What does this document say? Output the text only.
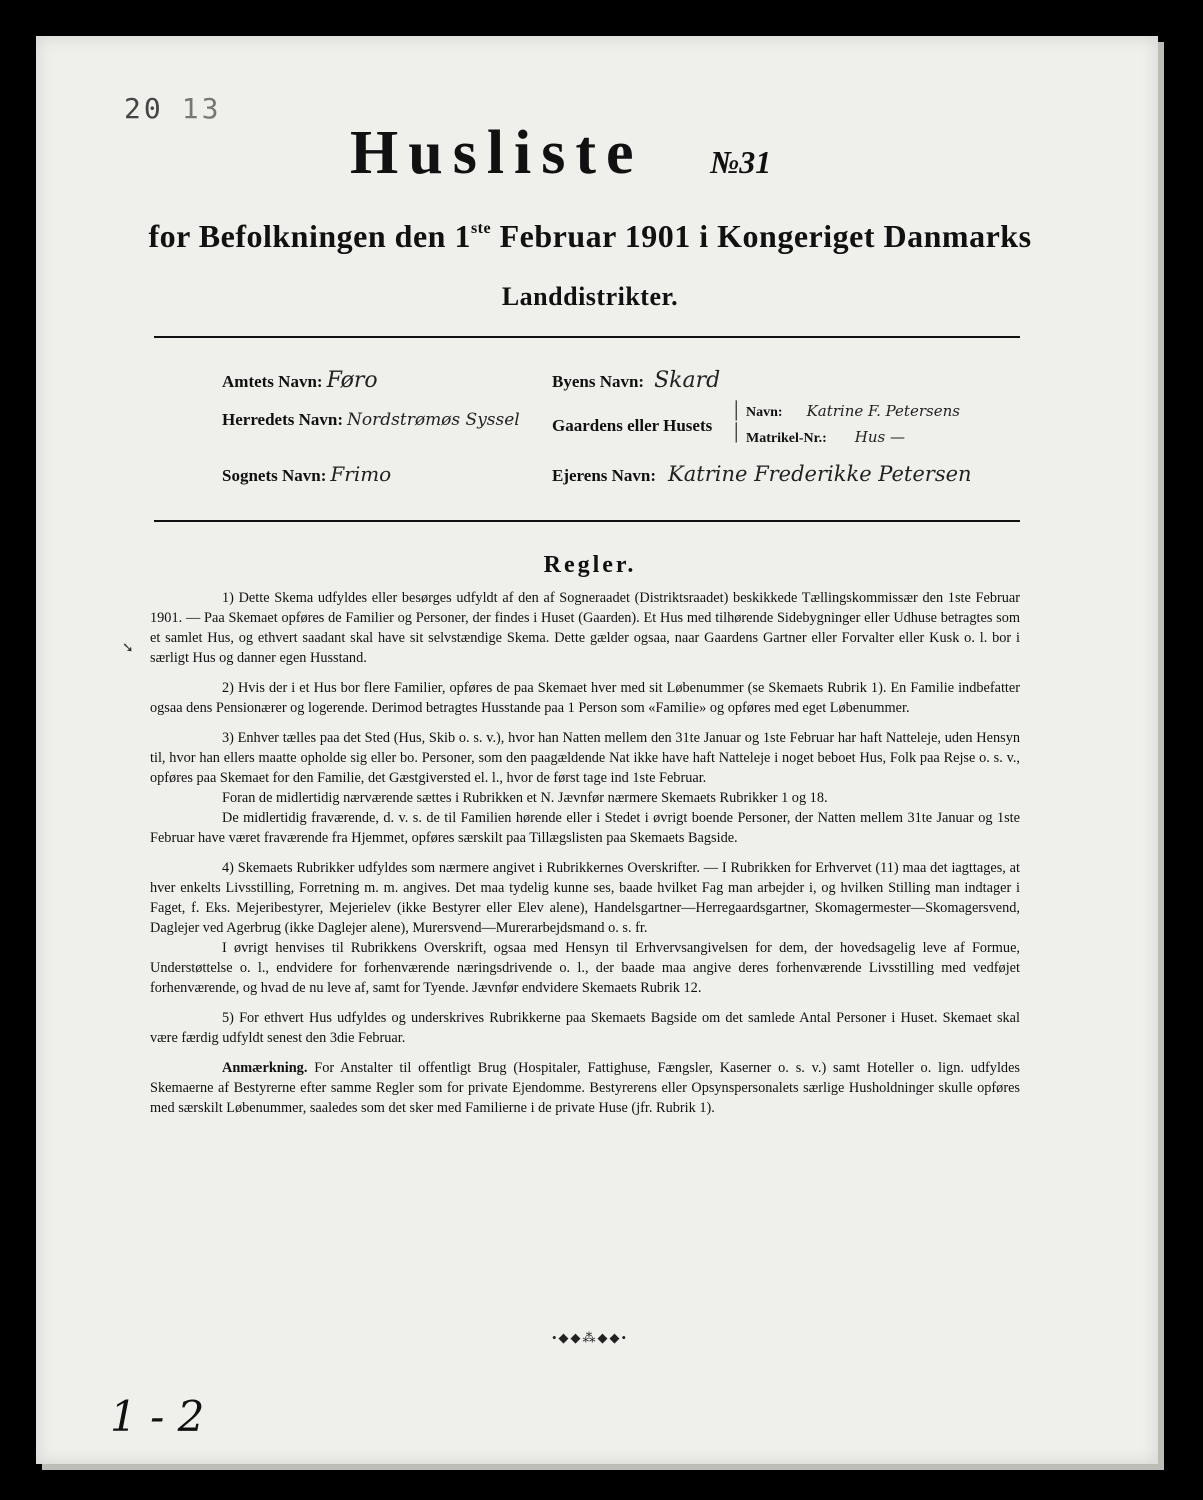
20 13
Husliste №31
for Befolkningen den 1ste Februar 1901 i Kongeriget Danmarks
Landdistrikter.
Amtets Navn: Føro
Herredets Navn: Nordstrømøs Syssel
Sognets Navn: Frimo
Byens Navn: Skard
Gaardens eller Husets
|
|
Navn: Katrine F. Petersens
Matrikel-Nr.: Hus —
Ejerens Navn: Katrine Frederikke Petersen
Regler.
➘

1) Dette Skema udfyldes eller besørges udfyldt af den af Sogneraadet (Distriktsraadet) beskikkede Tællingskommissær den 1ste Februar 1901. — Paa Skemaet opføres de Familier og Personer, der findes i Huset (Gaarden). Et Hus med tilhørende Sidebygninger eller Udhuse betragtes som et samlet Hus, og ethvert saadant skal have sit selvstændige Skema. Dette gælder ogsaa, naar Gaardens Gartner eller Forvalter eller Kusk o. l. bor i særligt Hus og danner egen Husstand.

2) Hvis der i et Hus bor flere Familier, opføres de paa Skemaet hver med sit Løbenummer (se Skemaets Rubrik 1). En Familie indbefatter ogsaa dens Pensionærer og logerende. Derimod betragtes Husstande paa 1 Person som «Familie» og opføres med eget Løbenummer.

3) Enhver tælles paa det Sted (Hus, Skib o. s. v.), hvor han Natten mellem den 31te Januar og 1ste Februar har haft Natteleje, uden Hensyn til, hvor han ellers maatte opholde sig eller bo. Personer, som den paagældende Nat ikke have haft Natteleje i noget beboet Hus, Folk paa Rejse o. s. v., opføres paa Skemaet for den Familie, det Gæstgiversted el. l., hvor de først tage ind 1ste Februar.

Foran de midlertidig nærværende sættes i Rubrikken et N. Jævnfør nærmere Skemaets Rubrikker 1 og 18.

De midlertidig fraværende, d. v. s. de til Familien hørende eller i Stedet i øvrigt boende Personer, der Natten mellem 31te Januar og 1ste Februar have været fraværende fra Hjemmet, opføres særskilt paa Tillægslisten paa Skemaets Bagside.

4) Skemaets Rubrikker udfyldes som nærmere angivet i Rubrikkernes Overskrifter. — I Rubrikken for Erhvervet (11) maa det iagttages, at hver enkelts Livsstilling, Forretning m. m. angives. Det maa tydelig kunne ses, baade hvilket Fag man arbejder i, og hvilken Stilling man indtager i Faget, f. Eks. Mejeribestyrer, Mejerielev (ikke Bestyrer eller Elev alene), Handelsgartner—Herregaardsgartner, Skomagermester—Skomagersvend, Daglejer ved Agerbrug (ikke Daglejer alene), Murersvend—Murerarbejdsmand o. s. fr.

I øvrigt henvises til Rubrikkens Overskrift, ogsaa med Hensyn til Erhvervsangivelsen for dem, der hovedsagelig leve af Formue, Understøttelse o. l., endvidere for forhenværende næringsdrivende o. l., der baade maa angive deres forhenværende Livsstilling med vedføjet forhenværende, og hvad de nu leve af, samt for Tyende. Jævnfør endvidere Skemaets Rubrik 12.

5) For ethvert Hus udfyldes og underskrives Rubrikkerne paa Skemaets Bagside om det samlede Antal Personer i Huset. Skemaet skal være færdig udfyldt senest den 3die Februar.

Anmærkning. For Anstalter til offentligt Brug (Hospitaler, Fattighuse, Fængsler, Kaserner o. s. v.) samt Hoteller o. lign. udfyldes Skemaerne af Bestyrerne efter samme Regler som for private Ejendomme. Bestyrerens eller Opsynspersonalets særlige Husholdninger skulle opføres med særskilt Løbenummer, saaledes som det sker med Familierne i de private Huse (jfr. Rubrik 1).

•◆◆⁂◆◆•
1 - 2
